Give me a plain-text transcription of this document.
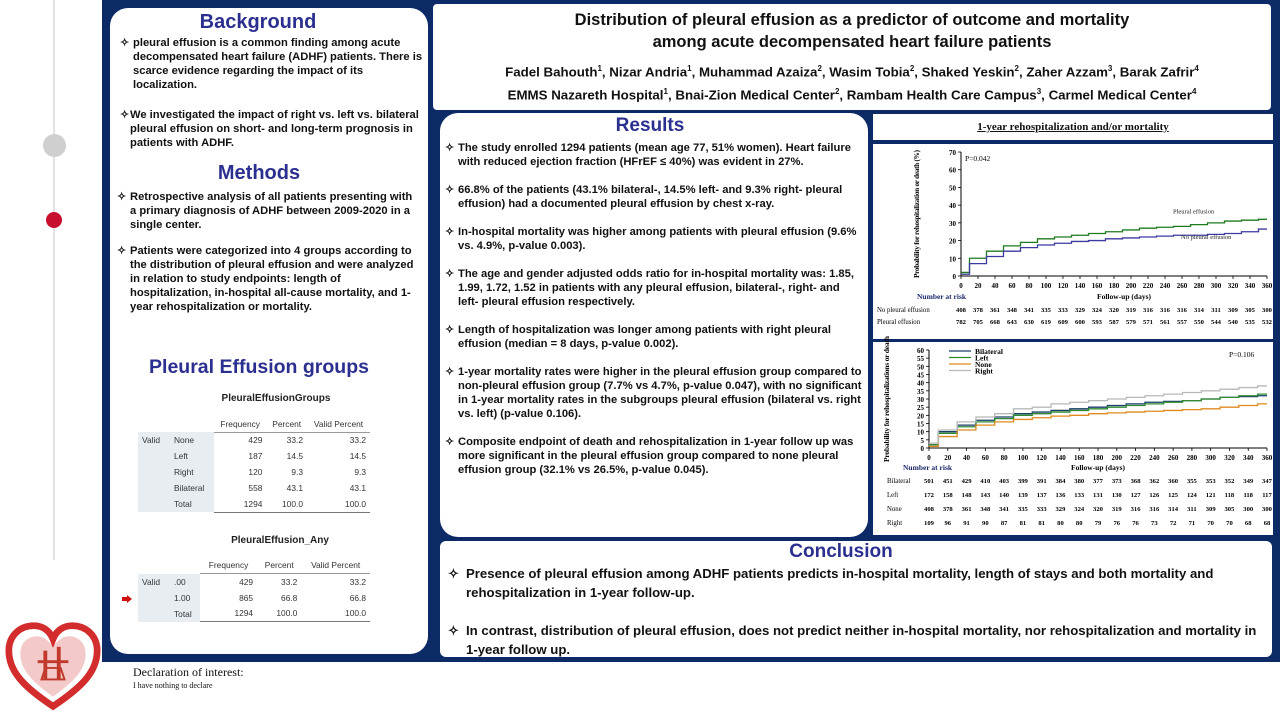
Background
✧ pleural effusion is a common finding among acute decompensated heart failure (ADHF) patients. There is scarce evidence regarding the impact of its localization.
✧ We investigated the impact of right vs. left vs. bilateral pleural effusion on short- and long-term prognosis in patients with ADHF.
Methods
✧ Retrospective analysis of all patients presenting with a primary diagnosis of ADHF between 2009-2020 in a single center.
✧ Patients were categorized into 4 groups according to the distribution of pleural effusion and were analyzed in relation to study endpoints: length of hospitalization, in-hospital all-cause mortality, and 1-year rehospitalization or mortality.
Pleural Effusion groups
PleuralEffusionGroups
		Frequency	Percent	Valid Percent
Valid	None	429	33.2	33.2
	Left	187	14.5	14.5
	Right	120	9.3	9.3
	Bilateral	558	43.1	43.1
	Total	1294	100.0	100.0
PleuralEffusion_Any
		Frequency	Percent	Valid Percent
Valid	.00	429	33.2	33.2
	1.00	865	66.8	66.8
	Total	1294	100.0	100.0
Distribution of pleural effusion as a predictor of outcome and mortality
among acute decompensated heart failure patients
Fadel Bahouth$^1$, Nizar Andria$^1$, Muhammad Azaiza$^2$, Wasim Tobia$^2$, Shaked Yeskin$^2$, Zaher Azzam$^3$, Barak Zafrir$^4$
EMMS Nazareth Hospital$^1$, Bnai-Zion Medical Center$^2$, Rambam Health Care Campus$^3$, Carmel Medical Center$^4$
Results
✧ The study enrolled 1294 patients (mean age 77, 51% women). Heart failure with reduced ejection fraction (HFrEF ≤ 40%) was evident in 27%.
✧ 66.8% of the patients (43.1% bilateral-, 14.5% left- and 9.3% right- pleural effusion) had a documented pleural effusion by chest x-ray.
✧ In-hospital mortality was higher among patients with pleural effusion (9.6% vs. 4.9%, p-value 0.003).
✧ The age and gender adjusted odds ratio for in-hospital mortality was: 1.85, 1.99, 1.72, 1.52 in patients with any pleural effusion, bilateral-, right- and left- pleural effusion respectively.
✧ Length of hospitalization was longer among patients with right pleural effusion (median = 8 days, p-value 0.002).
✧ 1-year mortality rates were higher in the pleural effusion group compared to non-pleural effusion group (7.7% vs 4.7%, p-value 0.047), with no significant in 1-year mortality rates in the subgroups pleural effusion (bilateral vs. right vs. left) (p-value 0.106).
✧ Composite endpoint of death and rehospitalization in 1-year follow up was more significant in the pleural effusion group compared to none pleural effusion group (32.1% vs 26.5%, p-value 0.045).
1-year rehospitalization and/or mortality
0
10
20
30
40
50
60
70
0 20 40 60 80 100 120 140 160 180 200 220 240 260 280 300 320 340 360
Probability for rehospitalization or death (%)
Follow-up (days)
Number at risk
P=0.042
Pleural effusion
No pleural effusion
No pleural effusion	408 378 361 348 341 335 333 329 324 320 319 316 316 316 314 311 309 305 300
Pleural effusion	782 705 668 643 630 619 609 600 593 587 579 571 561 557 550 544 540 535 532
0
5
10
15
20
25
30
35
40
45
50
55
60
0 20 40 60 80 100 120 140 160 180 200 220 240 260 280 300 320 340 360
Probability for rehospitalizations or death
Follow-up (days)
Number at risk
P=0.106
Bilateral
Left
None
Right
Bilateral 501 451 429 410 403 399 391 384 380 377 373 368 362 360 355 353 352 349 347
Left	172 158 148 143 140 139 137 136 133 131 130 127 126 125 124 121 118 118 117
None	408 378 361 348 341 335 333 329 324 320 319 316 316 314 311 309 305 300 300
Right	109 96 91 90 87 81 81 80 80 79 76 76 73 72 71 70 70 68 68
Conclusion
✧ Presence of pleural effusion among ADHF patients predicts in-hospital mortality, length of stays and both mortality and rehospitalization in 1-year follow-up.
✧ In contrast, distribution of pleural effusion, does not predict neither in-hospital mortality, nor rehospitalization and mortality in 1-year follow up.
Declaration of interest:
I have nothing to declare
